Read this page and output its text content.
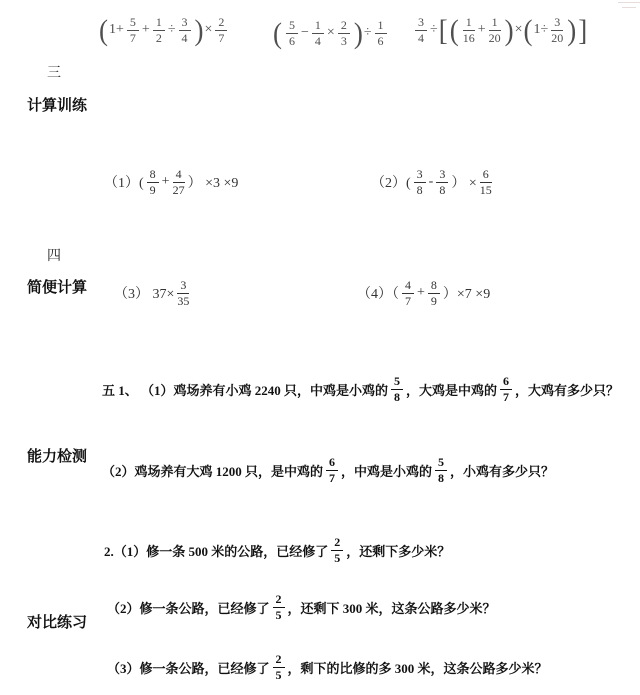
( $1+ \frac{5}{7} + \frac{1}{2} \div \frac{3}{4}$ ) × $\frac{2}{7}$ ( $\frac{5}{6} - \frac{1}{4} \times \frac{2}{3}$ ) ÷ $\frac{1}{6} \frac{3}{4}$ ÷ [ ( $\frac{1}{16} + \frac{1}{20}$ ) × ( $1\div \frac{3}{20}$ ) ]
三
计算训练
$(1)( \frac{8}{9} + \frac{4}{27}$ ） ×3 ×9	$(2)( \frac{3}{8} - \frac{3}{8}$ ） × $\frac{6}{15}$
四
简便计算 （3） $37\times \frac{3}{35}$	$(4)( \frac{4}{7} + \frac{8}{9} )\times 7 \times 9$
五 1、 （1）鸡场养有小鸡 2240 只，中鸡是小鸡的 $\frac{5}{8}$ ，大鸡是中鸡的 $\frac{6}{7}$ ，大鸡有多少只？
能力检测
（2）鸡场养有大鸡 1200 只，是中鸡的 $\frac{6}{7}$ ，中鸡是小鸡的 $\frac{5}{8}$ ，小鸡有多少只？
2.（1）修一条 500 米的公路，已经修了 $\frac{2}{5}$ ，还剩下多少米？
（2）修一条公路，已经修了 $\frac{2}{5}$ ，还剩下 300 米，这条公路多少米？
对比练习
（3）修一条公路，已经修了 $\frac{2}{5}$ ，剩下的比修的多 300 米，这条公路多少米？
